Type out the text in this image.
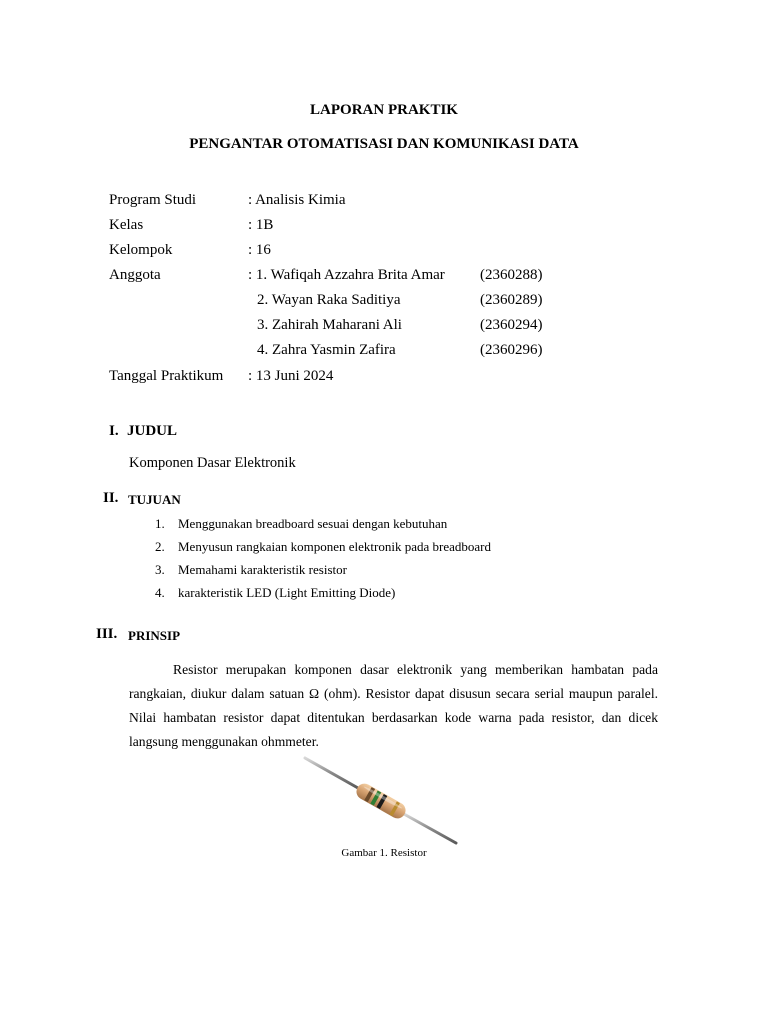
LAPORAN PRAKTIK
PENGANTAR OTOMATISASI DAN KOMUNIKASI DATA
Program Studi	: Analisis Kimia
Kelas	: 1B
Kelompok	: 16
Anggota	: 1. Wafiqah Azzahra Brita Amar (2360288)
2. Wayan Raka Saditiya	(2360289)
3. Zahirah Maharani Ali	(2360294)
4. Zahra Yasmin Zafira	(2360296)
Tanggal Praktikum : 13 Juni 2024
I. JUDUL
Komponen Dasar Elektronik
II. TUJUAN
1. Menggunakan breadboard sesuai dengan kebutuhan
2. Menyusun rangkaian komponen elektronik pada breadboard
3. Memahami karakteristik resistor
4. karakteristik LED (Light Emitting Diode)
III. PRINSIP
Resistor merupakan komponen dasar elektronik yang memberikan hambatan pada
rangkaian, diukur dalam satuan Ω (ohm). Resistor dapat disusun secara serial maupun paralel.
Nilai hambatan resistor dapat ditentukan berdasarkan kode warna pada resistor, dan dicek
langsung menggunakan ohmmeter.
Gambar 1. Resistor
